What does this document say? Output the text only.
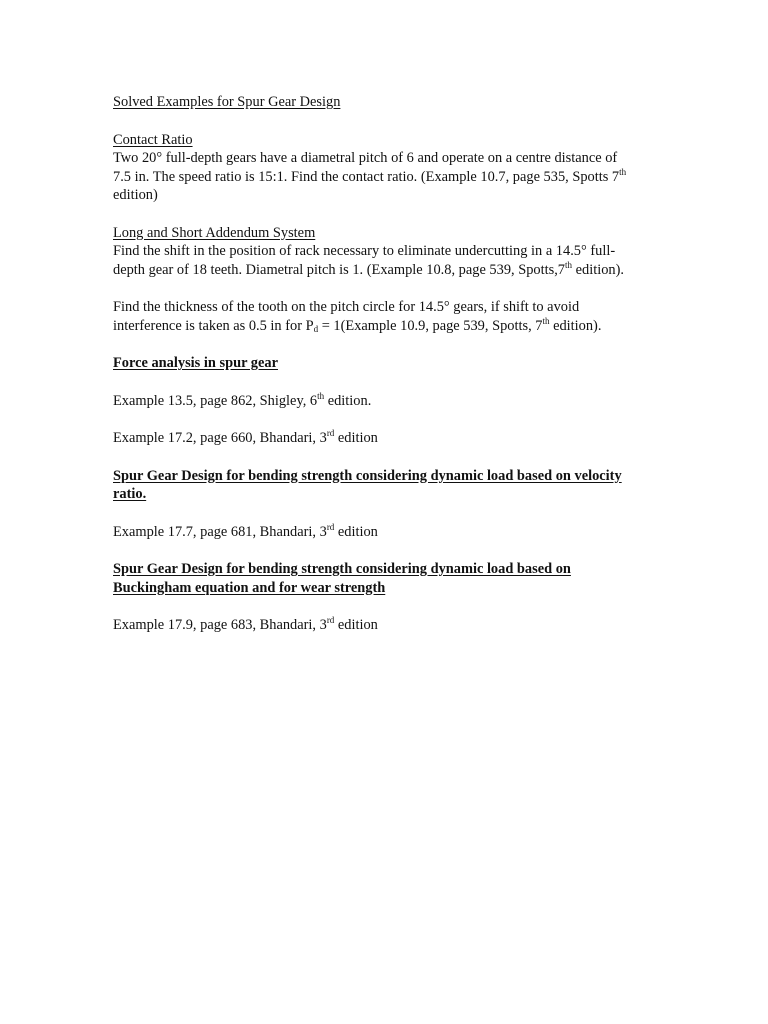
Solved Examples for Spur Gear Design

Contact Ratio

Two 20° full-depth gears have a diametral pitch of 6 and operate on a centre distance of
7.5 in. The speed ratio is 15:1. Find the contact ratio. (Example 10.7, page 535, Spotts 7th
edition)

Long and Short Addendum System

Find the shift in the position of rack necessary to eliminate undercutting in a 14.5° full-
depth gear of 18 teeth. Diametral pitch is 1. (Example 10.8, page 539, Spotts,7th edition).

Find the thickness of the tooth on the pitch circle for 14.5° gears, if shift to avoid
interference is taken as 0.5 in for $P_d$ = 1(Example 10.9, page 539, Spotts, 7th edition).

Force analysis in spur gear

Example 13.5, page 862, Shigley, 6th edition.

Example 17.2, page 660, Bhandari, 3rd edition

Spur Gear Design for bending strength considering dynamic load based on velocity
ratio.

Example 17.7, page 681, Bhandari, 3rd edition

Spur Gear Design for bending strength considering dynamic load based on
Buckingham equation and for wear strength

Example 17.9, page 683, Bhandari, 3rd edition
